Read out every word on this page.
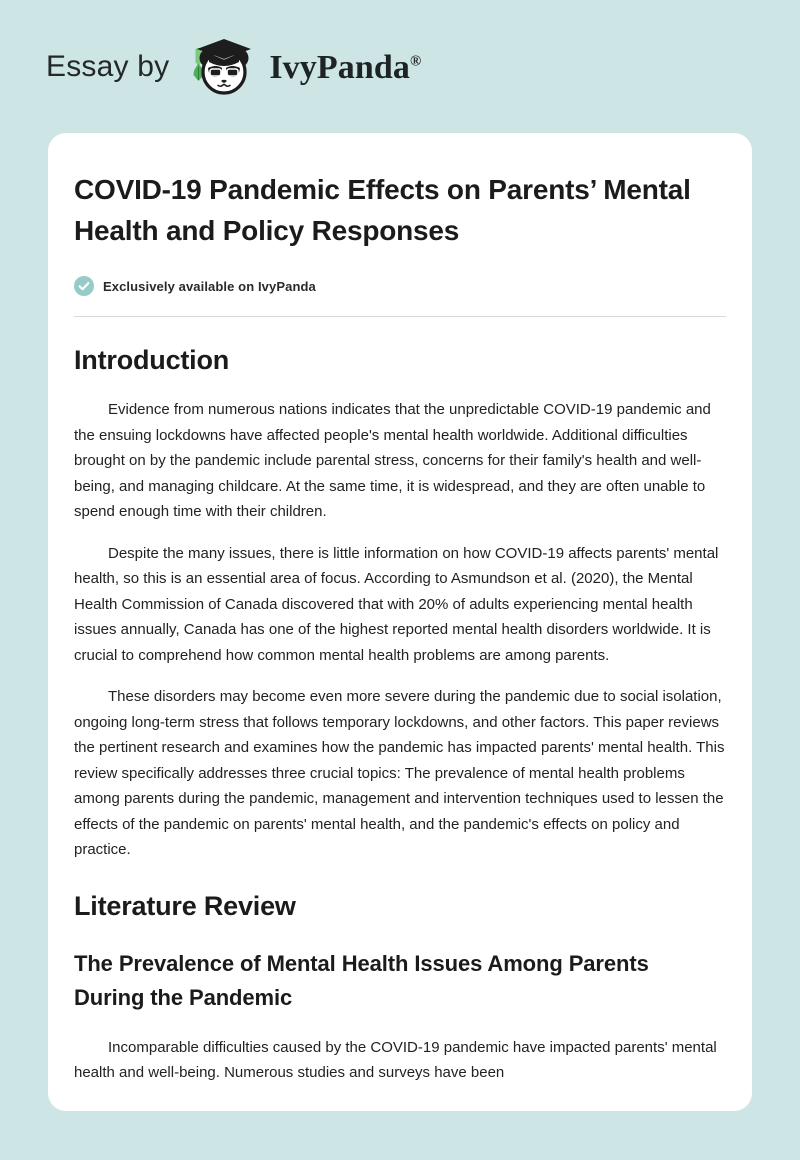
Essay by	IvyPanda®
COVID-19 Pandemic Effects on Parents’ Mental Health and Policy Responses
Exclusively available on IvyPanda
Introduction

Evidence from numerous nations indicates that the unpredictable COVID-19 pandemic and the ensuing lockdowns have affected people's mental health worldwide. Additional difficulties brought on by the pandemic include parental stress, concerns for their family's health and well-being, and managing childcare. At the same time, it is widespread, and they are often unable to spend enough time with their children.

Despite the many issues, there is little information on how COVID-19 affects parents' mental health, so this is an essential area of focus. According to Asmundson et al. (2020), the Mental Health Commission of Canada discovered that with 20% of adults experiencing mental health issues annually, Canada has one of the highest reported mental health disorders worldwide. It is crucial to comprehend how common mental health problems are among parents.

These disorders may become even more severe during the pandemic due to social isolation, ongoing long-term stress that follows temporary lockdowns, and other factors. This paper reviews the pertinent research and examines how the pandemic has impacted parents' mental health. This review specifically addresses three crucial topics: The prevalence of mental health problems among parents during the pandemic, management and intervention techniques used to lessen the effects of the pandemic on parents' mental health, and the pandemic's effects on policy and practice.

Literature Review
The Prevalence of Mental Health Issues Among Parents During the Pandemic

Incomparable difficulties caused by the COVID-19 pandemic have impacted parents' mental health and well-being. Numerous studies and surveys have been
